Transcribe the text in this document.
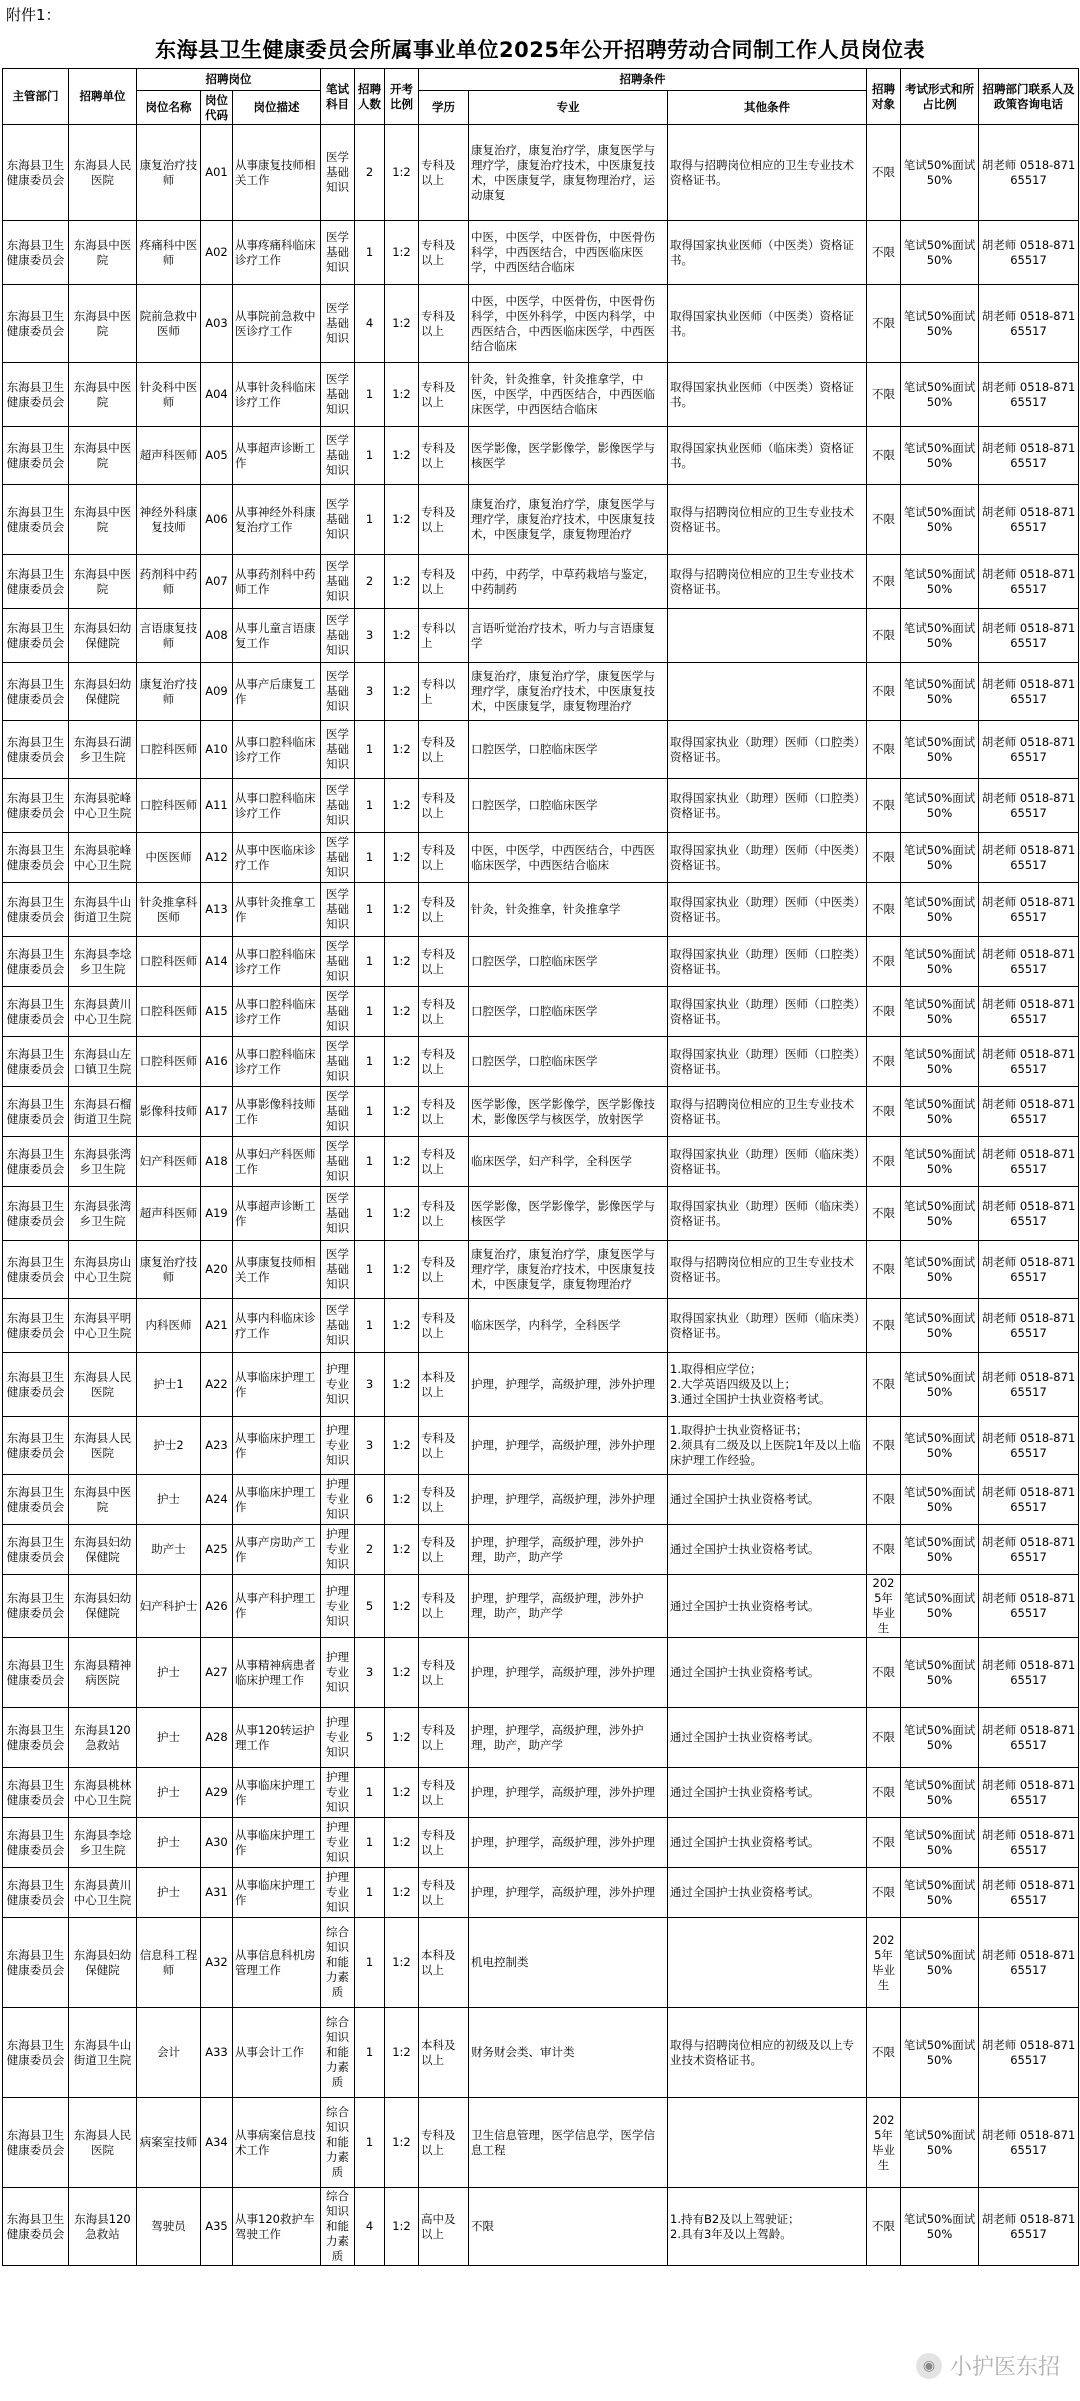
附件1：
东海县卫生健康委员会所属事业单位2025年公开招聘劳动合同制工作人员岗位表
主管部门	招聘单位	招聘岗位			笔试科目	招聘人数	开考比例	招聘条件			招聘对象	考试形式和所占比例	招聘部门联系人及政策咨询电话
		岗位名称	岗位代码	岗位描述				学历	专业	其他条件			
东海县卫生健康委员会	东海县人民医院	康复治疗技师	A01	从事康复技师相关工作	医学基础知识	2	1:2	专科及以上	康复治疗，康复治疗学，康复医学与理疗学，康复治疗技术，中医康复技术，中医康复学，康复物理治疗，运动康复	取得与招聘岗位相应的卫生专业技术资格证书。	不限	笔试50%面试50%	胡老师 0518-87165517
东海县卫生健康委员会	东海县中医院	疼痛科中医师	A02	从事疼痛科临床诊疗工作	医学基础知识	1	1:2	专科及以上	中医，中医学，中医骨伤，中医骨伤科学，中西医结合，中西医临床医学，中西医结合临床	取得国家执业医师（中医类）资格证书。	不限	笔试50%面试50%	胡老师 0518-87165517
东海县卫生健康委员会	东海县中医院	院前急救中医师	A03	从事院前急救中医诊疗工作	医学基础知识	4	1:2	专科及以上	中医，中医学，中医骨伤，中医骨伤科学，中医外科学，中医内科学，中西医结合，中西医临床医学，中西医结合临床	取得国家执业医师（中医类）资格证书。	不限	笔试50%面试50%	胡老师 0518-87165517
东海县卫生健康委员会	东海县中医院	针灸科中医师	A04	从事针灸科临床诊疗工作	医学基础知识	1	1:2	专科及以上	针灸，针灸推拿，针灸推拿学，中医，中医学，中西医结合，中西医临床医学，中西医结合临床	取得国家执业医师（中医类）资格证书。	不限	笔试50%面试50%	胡老师 0518-87165517
东海县卫生健康委员会	东海县中医院	超声科医师	A05	从事超声诊断工作	医学基础知识	1	1:2	专科及以上	医学影像，医学影像学，影像医学与核医学	取得国家执业医师（临床类）资格证书。	不限	笔试50%面试50%	胡老师 0518-87165517
东海县卫生健康委员会	东海县中医院	神经外科康复技师	A06	从事神经外科康复治疗工作	医学基础知识	1	1:2	专科及以上	康复治疗，康复治疗学，康复医学与理疗学，康复治疗技术，中医康复技术，中医康复学，康复物理治疗	取得与招聘岗位相应的卫生专业技术资格证书。	不限	笔试50%面试50%	胡老师 0518-87165517
东海县卫生健康委员会	东海县中医院	药剂科中药师	A07	从事药剂科中药师工作	医学基础知识	2	1:2	专科及以上	中药，中药学，中草药栽培与鉴定，中药制药	取得与招聘岗位相应的卫生专业技术资格证书。	不限	笔试50%面试50%	胡老师 0518-87165517
东海县卫生健康委员会	东海县妇幼保健院	言语康复技师	A08	从事儿童言语康复工作	医学基础知识	3	1:2	专科以上	言语听觉治疗技术，听力与言语康复学		不限	笔试50%面试50%	胡老师 0518-87165517
东海县卫生健康委员会	东海县妇幼保健院	康复治疗技师	A09	从事产后康复工作	医学基础知识	3	1:2	专科以上	康复治疗，康复治疗学，康复医学与理疗学，康复治疗技术，中医康复技术，中医康复学，康复物理治疗		不限	笔试50%面试50%	胡老师 0518-87165517
东海县卫生健康委员会	东海县石湖乡卫生院	口腔科医师	A10	从事口腔科临床诊疗工作	医学基础知识	1	1:2	专科及以上	口腔医学，口腔临床医学	取得国家执业（助理）医师（口腔类）资格证书。	不限	笔试50%面试50%	胡老师 0518-87165517
东海县卫生健康委员会	东海县驼峰中心卫生院	口腔科医师	A11	从事口腔科临床诊疗工作	医学基础知识	1	1:2	专科及以上	口腔医学，口腔临床医学	取得国家执业（助理）医师（口腔类）资格证书。	不限	笔试50%面试50%	胡老师 0518-87165517
东海县卫生健康委员会	东海县驼峰中心卫生院	中医医师	A12	从事中医临床诊疗工作	医学基础知识	1	1:2	专科及以上	中医，中医学，中西医结合，中西医临床医学，中西医结合临床	取得国家执业（助理）医师（中医类）资格证书。	不限	笔试50%面试50%	胡老师 0518-87165517
东海县卫生健康委员会	东海县牛山街道卫生院	针灸推拿科医师	A13	从事针灸推拿工作	医学基础知识	1	1:2	专科及以上	针灸，针灸推拿，针灸推拿学	取得国家执业（助理）医师（中医类）资格证书。	不限	笔试50%面试50%	胡老师 0518-87165517
东海县卫生健康委员会	东海县李埝乡卫生院	口腔科医师	A14	从事口腔科临床诊疗工作	医学基础知识	1	1:2	专科及以上	口腔医学，口腔临床医学	取得国家执业（助理）医师（口腔类）资格证书。	不限	笔试50%面试50%	胡老师 0518-87165517
东海县卫生健康委员会	东海县黄川中心卫生院	口腔科医师	A15	从事口腔科临床诊疗工作	医学基础知识	1	1:2	专科及以上	口腔医学，口腔临床医学	取得国家执业（助理）医师（口腔类）资格证书。	不限	笔试50%面试50%	胡老师 0518-87165517
东海县卫生健康委员会	东海县山左口镇卫生院	口腔科医师	A16	从事口腔科临床诊疗工作	医学基础知识	1	1:2	专科及以上	口腔医学，口腔临床医学	取得国家执业（助理）医师（口腔类）资格证书。	不限	笔试50%面试50%	胡老师 0518-87165517
东海县卫生健康委员会	东海县石榴街道卫生院	影像科技师	A17	从事影像科技师工作	医学基础知识	1	1:2	专科及以上	医学影像，医学影像学，医学影像技术，影像医学与核医学，放射医学	取得与招聘岗位相应的卫生专业技术资格证书。	不限	笔试50%面试50%	胡老师 0518-87165517
东海县卫生健康委员会	东海县张湾乡卫生院	妇产科医师	A18	从事妇产科医师工作	医学基础知识	1	1:2	专科及以上	临床医学，妇产科学，全科医学	取得国家执业（助理）医师（临床类）资格证书。	不限	笔试50%面试50%	胡老师 0518-87165517
东海县卫生健康委员会	东海县张湾乡卫生院	超声科医师	A19	从事超声诊断工作	医学基础知识	1	1:2	专科及以上	医学影像，医学影像学，影像医学与核医学	取得国家执业（助理）医师（临床类）资格证书。	不限	笔试50%面试50%	胡老师 0518-87165517
东海县卫生健康委员会	东海县房山中心卫生院	康复治疗技师	A20	从事康复技师相关工作	医学基础知识	1	1:2	专科及以上	康复治疗，康复治疗学，康复医学与理疗学，康复治疗技术，中医康复技术，中医康复学，康复物理治疗	取得与招聘岗位相应的卫生专业技术资格证书。	不限	笔试50%面试50%	胡老师 0518-87165517
东海县卫生健康委员会	东海县平明中心卫生院	内科医师	A21	从事内科临床诊疗工作	医学基础知识	1	1:2	专科及以上	临床医学，内科学，全科医学	取得国家执业（助理）医师（临床类）资格证书。	不限	笔试50%面试50%	胡老师 0518-87165517
东海县卫生健康委员会	东海县人民医院	护士1	A22	从事临床护理工作	护理专业知识	3	1:2	本科及以上	护理，护理学，高级护理，涉外护理	1.取得相应学位；
2.大学英语四级及以上；
3.通过全国护士执业资格考试。	不限	笔试50%面试50%	胡老师 0518-87165517
东海县卫生健康委员会	东海县人民医院	护士2	A23	从事临床护理工作	护理专业知识	3	1:2	专科及以上	护理，护理学，高级护理，涉外护理	1.取得护士执业资格证书；
2.须具有二级及以上医院1年及以上临床护理工作经验。	不限	笔试50%面试50%	胡老师 0518-87165517
东海县卫生健康委员会	东海县中医院	护士	A24	从事临床护理工作	护理专业知识	6	1:2	专科及以上	护理，护理学，高级护理，涉外护理	通过全国护士执业资格考试。	不限	笔试50%面试50%	胡老师 0518-87165517
东海县卫生健康委员会	东海县妇幼保健院	助产士	A25	从事产房助产工作	护理专业知识	2	1:2	专科及以上	护理，护理学，高级护理，涉外护理，助产，助产学	通过全国护士执业资格考试。	不限	笔试50%面试50%	胡老师 0518-87165517
东海县卫生健康委员会	东海县妇幼保健院	妇产科护士	A26	从事产科护理工作	护理专业知识	5	1:2	专科及以上	护理，护理学，高级护理，涉外护理，助产，助产学	通过全国护士执业资格考试。	2025年毕业生	笔试50%面试50%	胡老师 0518-87165517
东海县卫生健康委员会	东海县精神病医院	护士	A27	从事精神病患者临床护理工作	护理专业知识	3	1:2	专科及以上	护理，护理学，高级护理，涉外护理	通过全国护士执业资格考试。	不限	笔试50%面试50%	胡老师 0518-87165517
东海县卫生健康委员会	东海县120急救站	护士	A28	从事120转运护理工作	护理专业知识	5	1:2	专科及以上	护理，护理学，高级护理，涉外护理，助产，助产学	通过全国护士执业资格考试。	不限	笔试50%面试50%	胡老师 0518-87165517
东海县卫生健康委员会	东海县桃林中心卫生院	护士	A29	从事临床护理工作	护理专业知识	1	1:2	专科及以上	护理，护理学，高级护理，涉外护理	通过全国护士执业资格考试。	不限	笔试50%面试50%	胡老师 0518-87165517
东海县卫生健康委员会	东海县李埝乡卫生院	护士	A30	从事临床护理工作	护理专业知识	1	1:2	专科及以上	护理，护理学，高级护理，涉外护理	通过全国护士执业资格考试。	不限	笔试50%面试50%	胡老师 0518-87165517
东海县卫生健康委员会	东海县黄川中心卫生院	护士	A31	从事临床护理工作	护理专业知识	1	1:2	专科及以上	护理，护理学，高级护理，涉外护理	通过全国护士执业资格考试。	不限	笔试50%面试50%	胡老师 0518-87165517
东海县卫生健康委员会	东海县妇幼保健院	信息科工程师	A32	从事信息科机房管理工作	综合知识和能力素质	1	1:2	本科及以上	机电控制类		2025年毕业生	笔试50%面试50%	胡老师 0518-87165517
东海县卫生健康委员会	东海县牛山街道卫生院	会计	A33	从事会计工作	综合知识和能力素质	1	1:2	本科及以上	财务财会类、审计类	取得与招聘岗位相应的初级及以上专业技术资格证书。	不限	笔试50%面试50%	胡老师 0518-87165517
东海县卫生健康委员会	东海县人民医院	病案室技师	A34	从事病案信息技术工作	综合知识和能力素质	1	1:2	专科及以上	卫生信息管理，医学信息学，医学信息工程		2025年毕业生	笔试50%面试50%	胡老师 0518-87165517
东海县卫生健康委员会	东海县120急救站	驾驶员	A35	从事120救护车驾驶工作	综合知识和能力素质	4	1:2	高中及以上	不限	1.持有B2及以上驾驶证；
2.具有3年及以上驾龄。	不限	笔试50%面试50%	胡老师 0518-87165517
◉ 小护医东招
